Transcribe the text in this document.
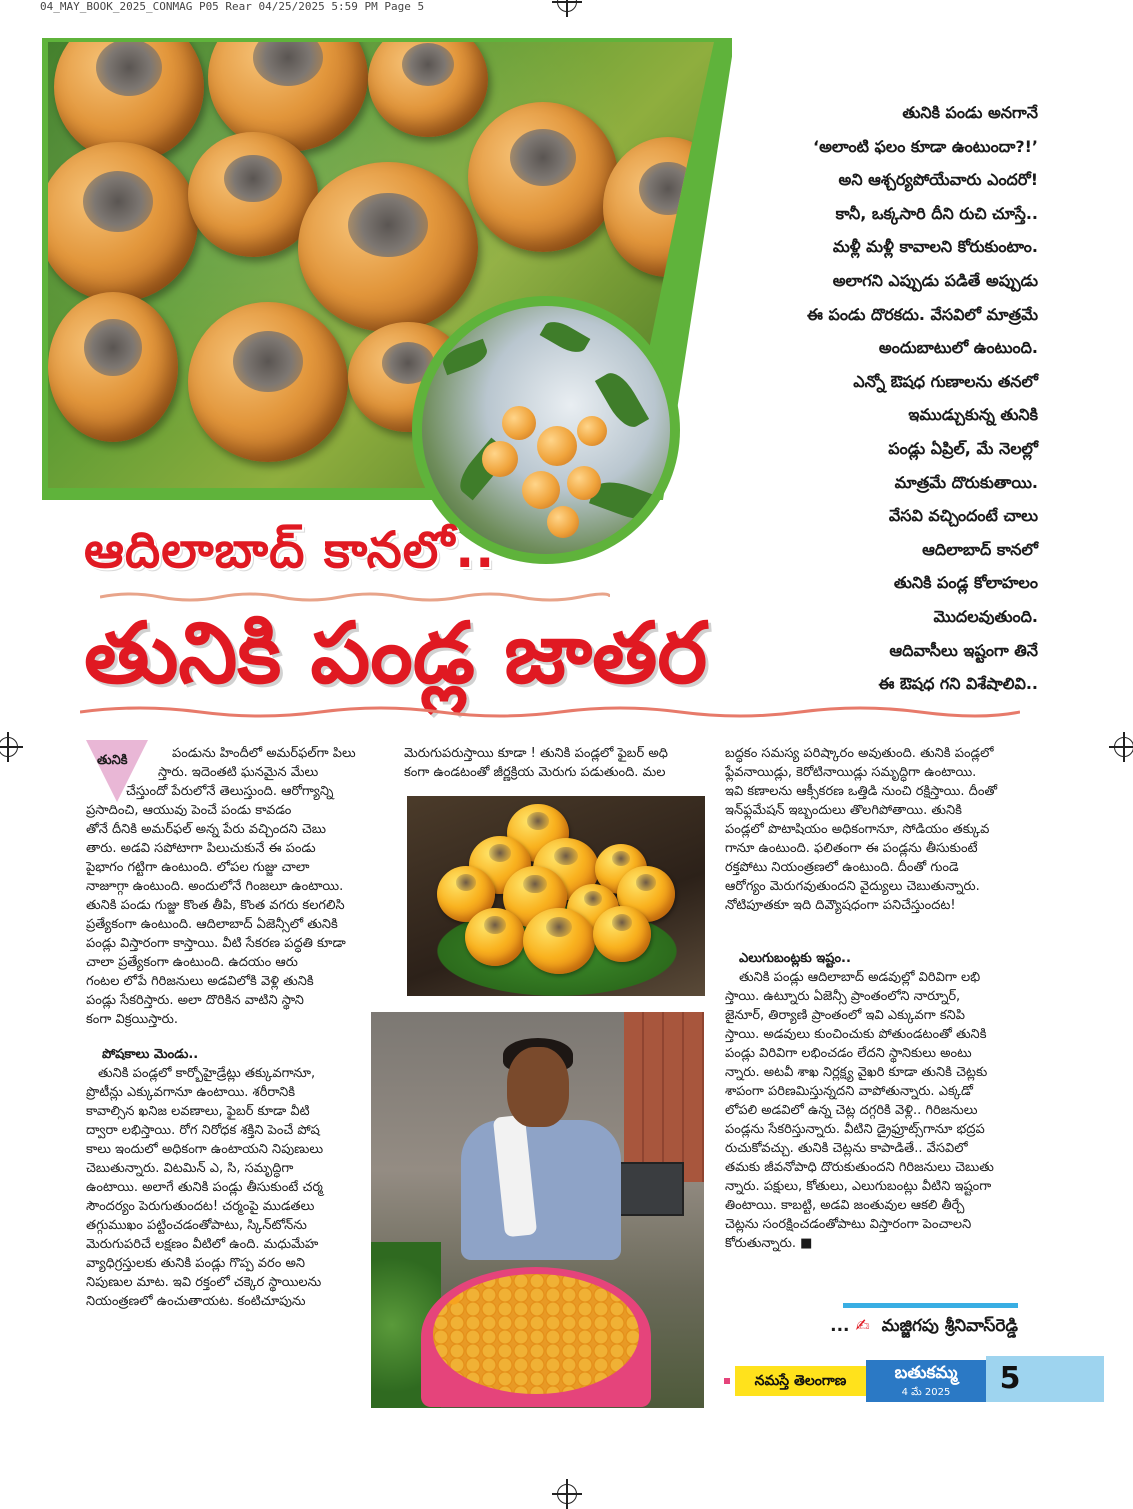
04_MAY_BOOK_2025_CONMAG P05 Rear 04/25/2025 5:59 PM Page 5

తునికి పండు అనగానే

‘అలాంటి ఫలం కూడా ఉంటుందా?!’

అని ఆశ్చర్యపోయేవారు ఎందరో!

కానీ, ఒక్కసారి దీని రుచి చూస్తే..

మళ్లీ మళ్లీ కావాలని కోరుకుంటాం.

అలాగని ఎప్పుడు పడితే అప్పుడు

ఈ పండు దొరకదు. వేసవిలో మాత్రమే

అందుబాటులో ఉంటుంది.

ఎన్నో ఔషధ గుణాలను తనలో

ఇముడ్చుకున్న తునికి

పండ్లు ఏప్రిల్‌, మే నెలల్లో

మాత్రమే దొరుకుతాయి.

వేసవి వచ్చిందంటే చాలు

ఆదిలాబాద్‌ కానలో

తునికి పండ్ల కోలాహలం

మొదలవుతుంది.

ఆదివాసీలు ఇష్టంగా తినే

ఈ ఔషధ గని విశేషాలివి..

ఆదిలాబాద్‌ కానలో..
తునికి పండ్ల జాతర
తునికి	పండును హిందీలో అమర్‌ఫల్‌గా పిలు

స్తారు. ఇదెంతటి ఘనమైన మేలు

చేస్తుందో పేరులోనే తెలుస్తుంది. ఆరోగ్యాన్ని

ప్రసాదించి, ఆయువు పెంచే పండు కావడం

తోనే దీనికి అమర్‌ఫల్‌ అన్న పేరు వచ్చిందని చెబు

తారు. అడవి సపోటాగా పిలుచుకునే ఈ పండు

పైభాగం గట్టిగా ఉంటుంది. లోపల గుజ్జు చాలా

నాజూగ్గా ఉంటుంది. అందులోనే గింజలూ ఉంటాయి.

తునికి పండు గుజ్జు కొంత తీపి, కొంత వగరు కలగలిసి

ప్రత్యేకంగా ఉంటుంది. ఆదిలాబాద్‌ ఏజెన్సీలో తునికి

పండ్లు విస్తారంగా కాస్తాయి. వీటి సేకరణ పద్ధతి కూడా

చాలా ప్రత్యేకంగా ఉంటుంది. ఉదయం ఆరు

గంటల లోపే గిరిజనులు అడవిలోకి వెళ్లి తునికి

పండ్లు సేకరిస్తారు. అలా దొరికిన వాటిని స్థాని

కంగా విక్రయిస్తారు.

పోషకాలు మెండు..

తునికి పండ్లలో కార్బోహైడ్రేట్లు తక్కువగానూ,

ప్రొటీన్లు ఎక్కువగానూ ఉంటాయి. శరీరానికి

కావాల్సిన ఖనిజ లవణాలు, ఫైబర్‌ కూడా వీటి

ద్వారా లభిస్తాయి. రోగ నిరోధక శక్తిని పెంచే పోష

కాలు ఇందులో అధికంగా ఉంటాయని నిపుణులు

చెబుతున్నారు. విటమిన్‌ ఎ, సి, సమృద్ధిగా

ఉంటాయి. అలాగే తునికి పండ్లు తీసుకుంటే చర్మ

సౌందర్యం పెరుగుతుందట! చర్మంపై ముడతలు

తగ్గుముఖం పట్టించడంతోపాటు, స్కిన్‌టోన్‌ను

మెరుగుపరిచే లక్షణం వీటిలో ఉంది. మధుమేహ

వ్యాధిగ్రస్తులకు తునికి పండ్లు గొప్ప వరం అని

నిపుణుల మాట. ఇవి రక్తంలో చక్కెర స్థాయిలను

నియంత్రణలో ఉంచుతాయట. కంటిచూపును

మెరుగుపరుస్తాయి కూడా ! తునికి పండ్లలో ఫైబర్‌ అధి

కంగా ఉండటంతో జీర్ణక్రియ మెరుగు పడుతుంది. మల

బద్ధకం సమస్య పరిష్కారం అవుతుంది. తునికి పండ్లలో

ఫ్లేవనాయిడ్లు, కెరోటినాయిడ్లు సమృద్ధిగా ఉంటాయి.

ఇవి కణాలను ఆక్సీకరణ ఒత్తిడి నుంచి రక్షిస్తాయి. దీంతో

ఇన్‌ఫ్లమేషన్‌ ఇబ్బందులు తొలగిపోతాయి. తునికి

పండ్లలో పొటాషియం అధికంగానూ, సోడియం తక్కువ

గానూ ఉంటుంది. ఫలితంగా ఈ పండ్లను తీసుకుంటే

రక్తపోటు నియంత్రణలో ఉంటుంది. దీంతో గుండె

ఆరోగ్యం మెరుగవుతుందని వైద్యులు చెబుతున్నారు.

నోటిపూతకూ ఇది దివ్యౌషధంగా పనిచేస్తుందట!

ఎలుగుబంట్లకు ఇష్టం..

తునికి పండ్లు ఆదిలాబాద్‌ అడవుల్లో విరివిగా లభి

స్తాయి. ఉట్నూరు ఏజెన్సీ ప్రాంతంలోని నార్నూర్‌,

జైనూర్‌, తిర్యాణి ప్రాంతంలో ఇవి ఎక్కువగా కనిపి

స్తాయి. అడవులు కుంచించుకు పోతుండటంతో తునికి

పండ్లు విరివిగా లభించడం లేదని స్థానికులు అంటు

న్నారు. అటవీ శాఖ నిర్లక్ష్య వైఖరి కూడా తునికి చెట్లకు

శాపంగా పరిణమిస్తున్నదని వాపోతున్నారు. ఎక్కడో

లోపలి అడవిలో ఉన్న చెట్ల దగ్గరికి వెళ్లి.. గిరిజనులు

పండ్లను సేకరిస్తున్నారు. వీటిని డ్రైఫ్రూట్స్‌గానూ భద్రప

రుచుకోవచ్చు. తునికి చెట్లను కాపాడితే.. వేసవిలో

తమకు జీవనోపాధి దొరుకుతుందని గిరిజనులు చెబుతు

న్నారు. పక్షులు, కోతులు, ఎలుగుబంట్లు వీటిని ఇష్టంగా

తింటాయి. కాబట్టి, అడవి జంతువుల ఆకలి తీర్చే

చెట్లను సంరక్షించడంతోపాటు విస్తారంగా పెంచాలని

కోరుతున్నారు. ■

... ✍ మజ్జిగపు శ్రీనివాస్‌రెడ్డి
నమస్తే తెలంగాణ	బతుకమ్మ
4 మే 2025	5
